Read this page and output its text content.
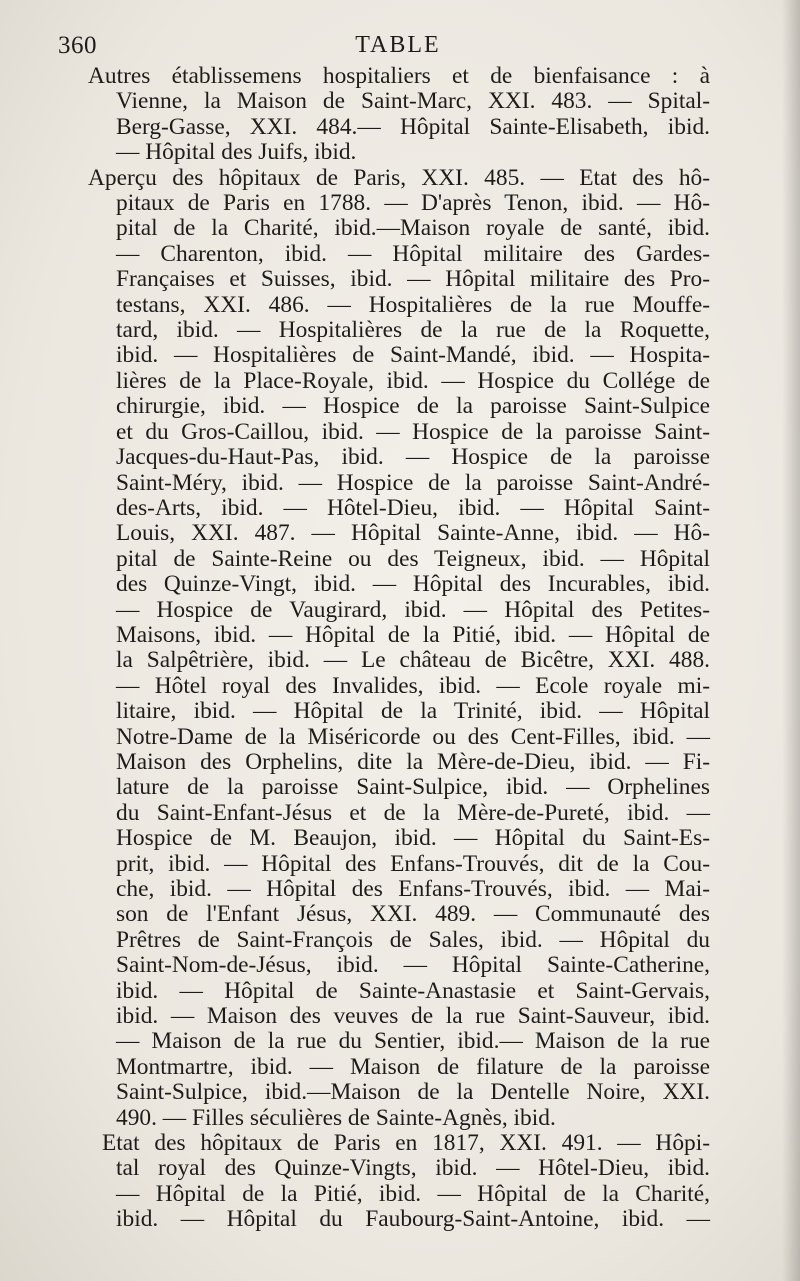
360	TABLE
Autres établissemens hospitaliers et de bienfaisance : à
Vienne, la Maison de Saint-Marc, XXI. 483. — Spital-
Berg-Gasse, XXI. 484.— Hôpital Sainte-Elisabeth, ibid.
— Hôpital des Juifs, ibid.
Aperçu des hôpitaux de Paris, XXI. 485. — Etat des hô-
pitaux de Paris en 1788. — D'après Tenon, ibid. — Hô-
pital de la Charité, ibid.—Maison royale de santé, ibid.
— Charenton, ibid. — Hôpital militaire des Gardes-
Françaises et Suisses, ibid. — Hôpital militaire des Pro-
testans, XXI. 486. — Hospitalières de la rue Mouffe-
tard, ibid. — Hospitalières de la rue de la Roquette,
ibid. — Hospitalières de Saint-Mandé, ibid. — Hospita-
lières de la Place-Royale, ibid. — Hospice du Collége de
chirurgie, ibid. — Hospice de la paroisse Saint-Sulpice
et du Gros-Caillou, ibid. — Hospice de la paroisse Saint-
Jacques-du-Haut-Pas, ibid. — Hospice de la paroisse
Saint-Méry, ibid. — Hospice de la paroisse Saint-André-
des-Arts, ibid. — Hôtel-Dieu, ibid. — Hôpital Saint-
Louis, XXI. 487. — Hôpital Sainte-Anne, ibid. — Hô-
pital de Sainte-Reine ou des Teigneux, ibid. — Hôpital
des Quinze-Vingt, ibid. — Hôpital des Incurables, ibid.
— Hospice de Vaugirard, ibid. — Hôpital des Petites-
Maisons, ibid. — Hôpital de la Pitié, ibid. — Hôpital de
la Salpêtrière, ibid. — Le château de Bicêtre, XXI. 488.
— Hôtel royal des Invalides, ibid. — Ecole royale mi-
litaire, ibid. — Hôpital de la Trinité, ibid. — Hôpital
Notre-Dame de la Miséricorde ou des Cent-Filles, ibid. —
Maison des Orphelins, dite la Mère-de-Dieu, ibid. — Fi-
lature de la paroisse Saint-Sulpice, ibid. — Orphelines
du Saint-Enfant-Jésus et de la Mère-de-Pureté, ibid. —
Hospice de M. Beaujon, ibid. — Hôpital du Saint-Es-
prit, ibid. — Hôpital des Enfans-Trouvés, dit de la Cou-
che, ibid. — Hôpital des Enfans-Trouvés, ibid. — Mai-
son de l'Enfant Jésus, XXI. 489. — Communauté des
Prêtres de Saint-François de Sales, ibid. — Hôpital du
Saint-Nom-de-Jésus, ibid. — Hôpital Sainte-Catherine,
ibid. — Hôpital de Sainte-Anastasie et Saint-Gervais,
ibid. — Maison des veuves de la rue Saint-Sauveur, ibid.
— Maison de la rue du Sentier, ibid.— Maison de la rue
Montmartre, ibid. — Maison de filature de la paroisse
Saint-Sulpice, ibid.—Maison de la Dentelle Noire, XXI.
490. — Filles séculières de Sainte-Agnès, ibid.
Etat des hôpitaux de Paris en 1817, XXI. 491. — Hôpi-
tal royal des Quinze-Vingts, ibid. — Hôtel-Dieu, ibid.
— Hôpital de la Pitié, ibid. — Hôpital de la Charité,
ibid. — Hôpital du Faubourg-Saint-Antoine, ibid. —
